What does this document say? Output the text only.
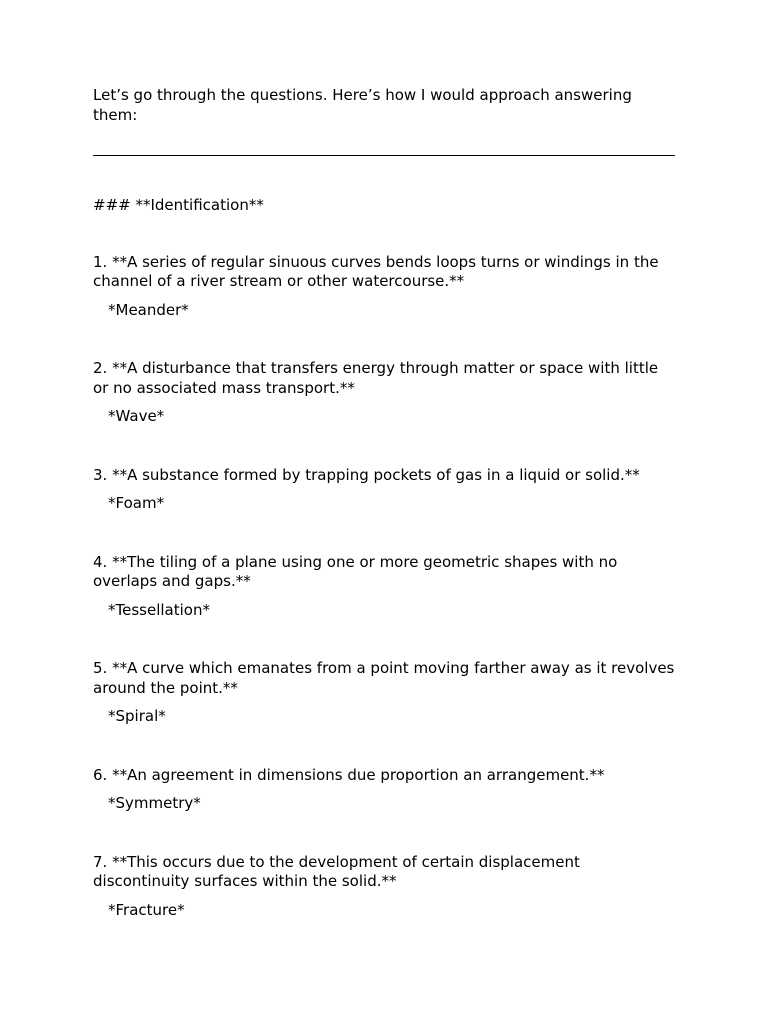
Let’s go through the questions. Here’s how I would approach answering them:

### **Identification**

1. **A series of regular sinuous curves bends loops turns or windings in the channel of a river stream or other watercourse.**

*Meander*

2. **A disturbance that transfers energy through matter or space with little or no associated mass transport.**

*Wave*

3. **A substance formed by trapping pockets of gas in a liquid or solid.**

*Foam*

4. **The tiling of a plane using one or more geometric shapes with no overlaps and gaps.**

*Tessellation*

5. **A curve which emanates from a point moving farther away as it revolves around the point.**

*Spiral*

6. **An agreement in dimensions due proportion an arrangement.**

*Symmetry*

7. **This occurs due to the development of certain displacement discontinuity surfaces within the solid.**

*Fracture*
